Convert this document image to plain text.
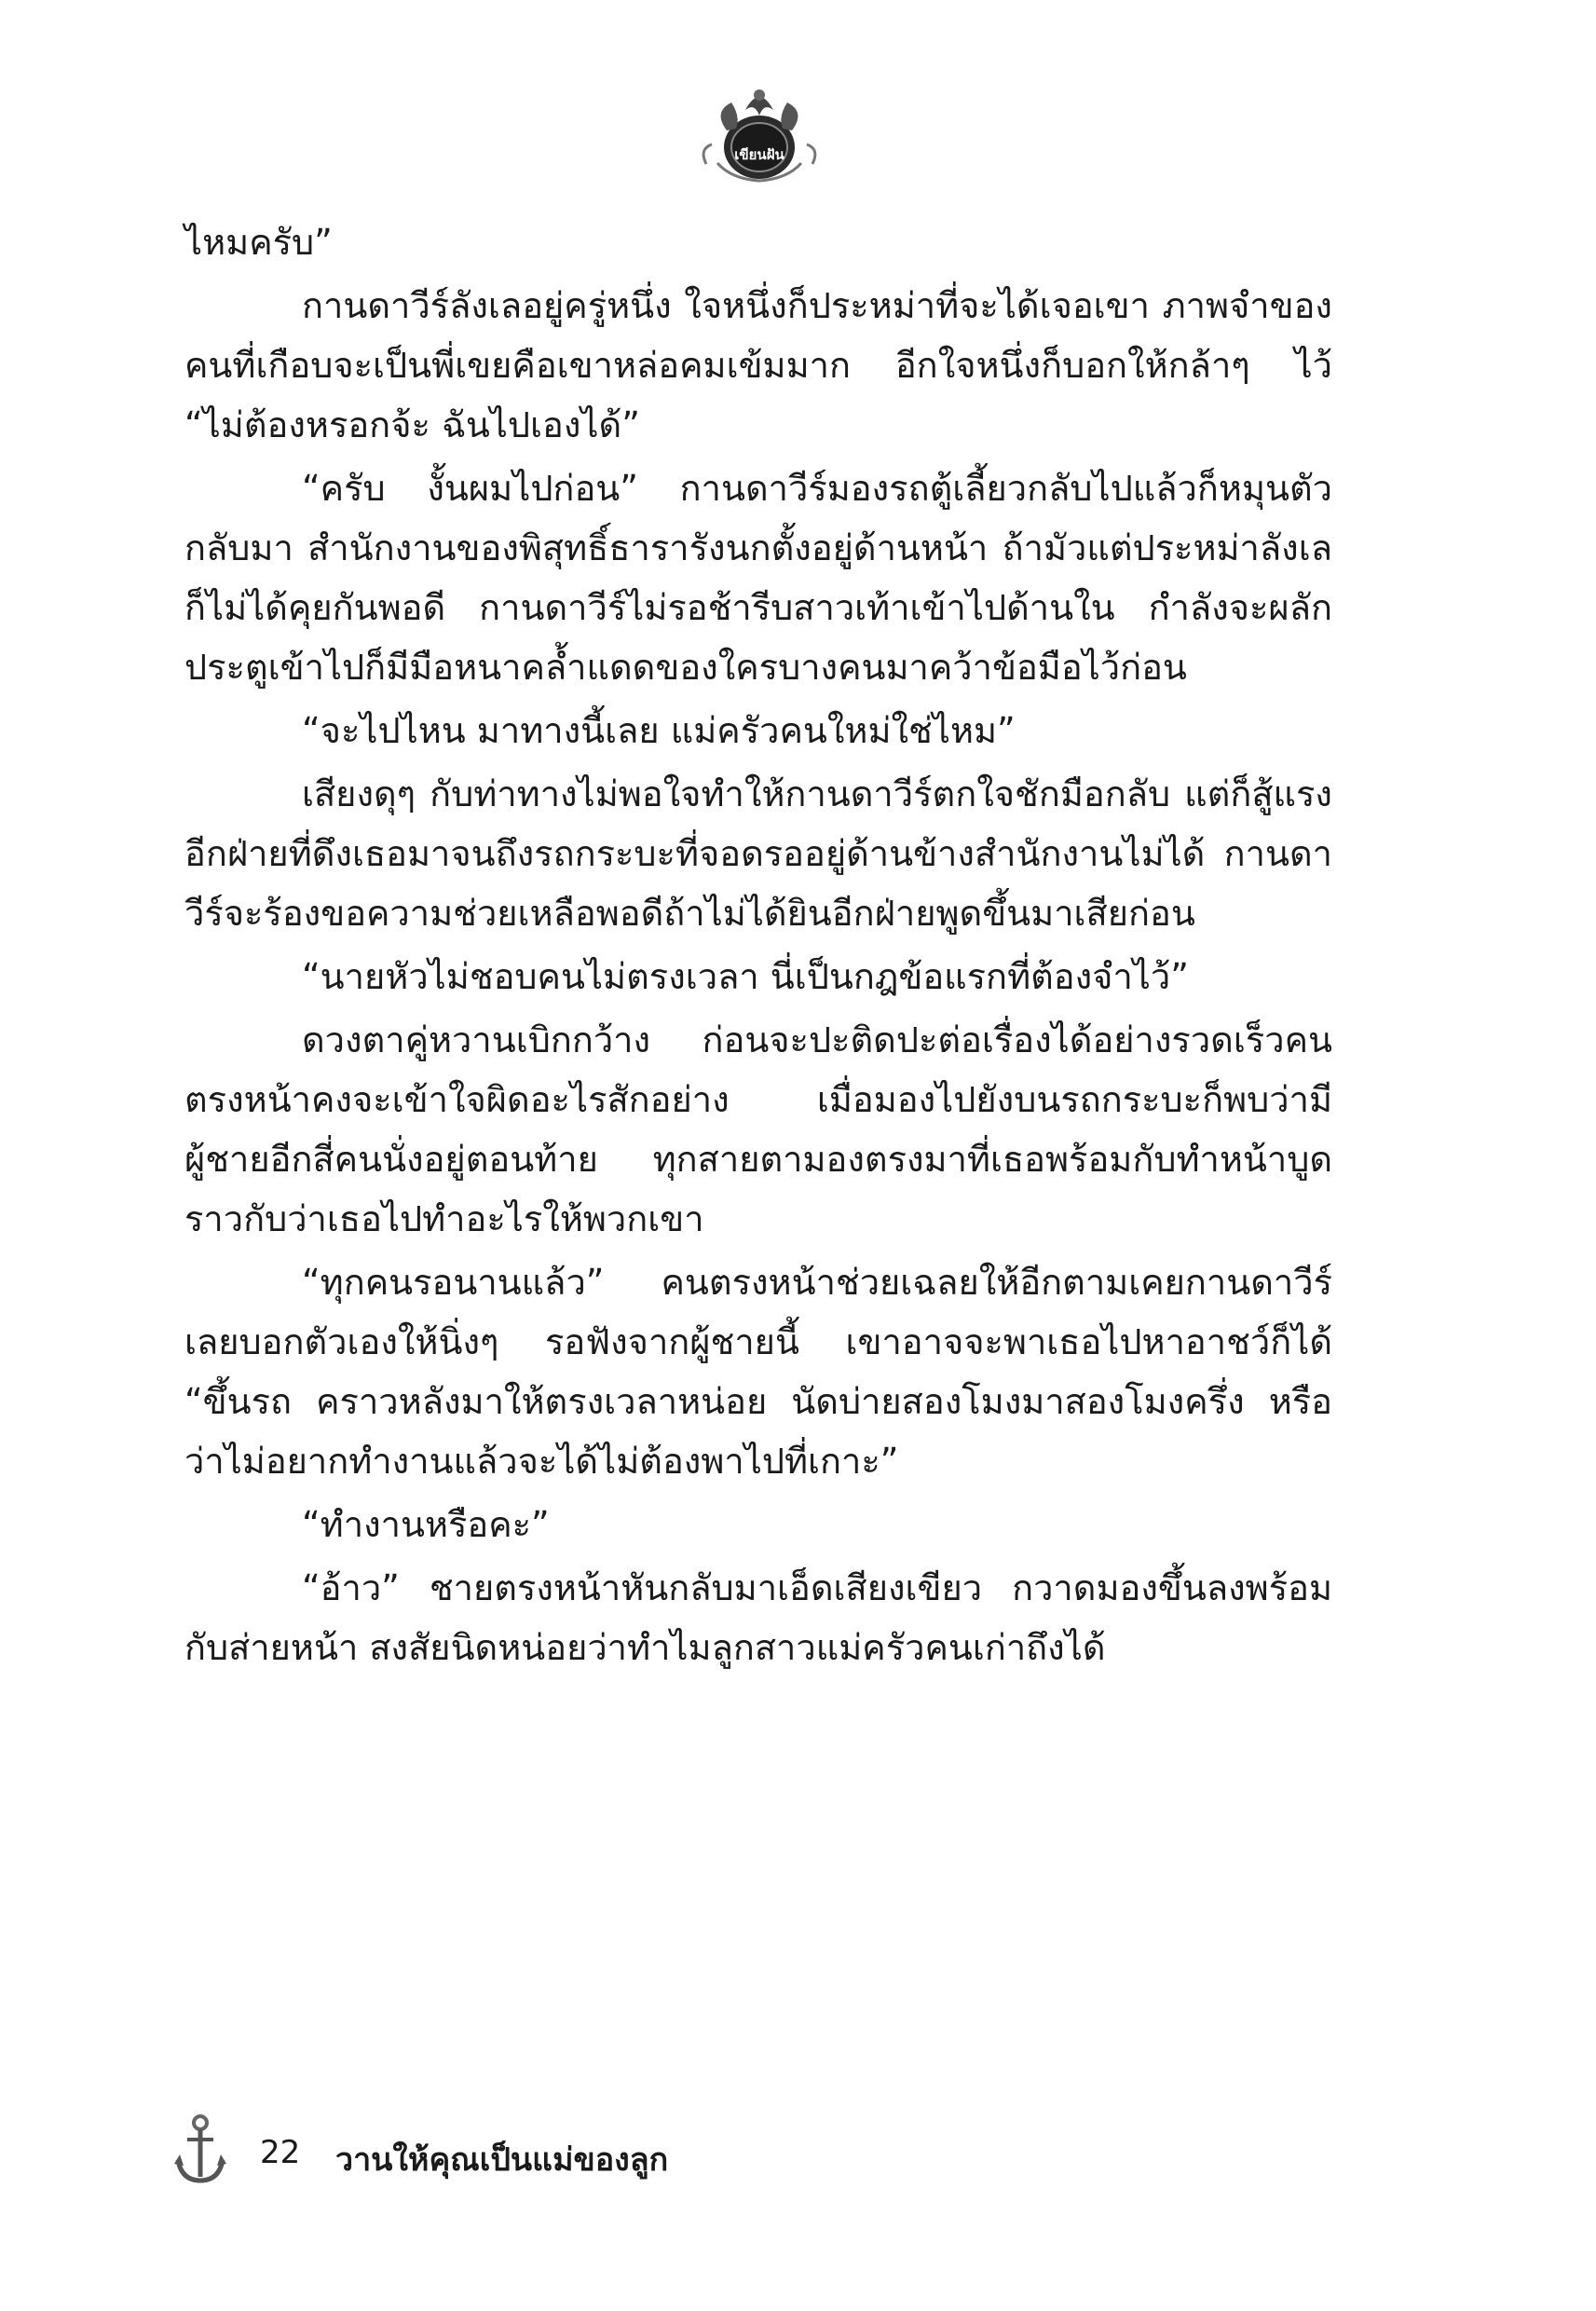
เขียนฝัน

ไหมครับ”

กานดาวีร์ลังเลอยู่ครู่หนึ่ง ใจหนึ่งก็ประหม่าที่จะได้เจอเขา ภาพจำของคนที่เกือบจะเป็นพี่เขยคือเขาหล่อคมเข้มมาก อีกใจหนึ่งก็บอกให้กล้าๆ ไว้ “ไม่ต้องหรอกจ้ะ ฉันไปเองได้”

“ครับ งั้นผมไปก่อน” กานดาวีร์มองรถตู้เลี้ยวกลับไปแล้วก็หมุนตัวกลับมา สำนักงานของพิสุทธิ์ธารารังนกตั้งอยู่ด้านหน้า ถ้ามัวแต่ประหม่าลังเลก็ไม่ได้คุยกันพอดี กานดาวีร์ไม่รอช้ารีบสาวเท้าเข้าไปด้านใน กำลังจะผลักประตูเข้าไปก็มีมือหนาคล้ำแดดของใครบางคนมาคว้าข้อมือไว้ก่อน

“จะไปไหน มาทางนี้เลย แม่ครัวคนใหม่ใช่ไหม”

เสียงดุๆ กับท่าทางไม่พอใจทำให้กานดาวีร์ตกใจชักมือกลับ แต่ก็สู้แรงอีกฝ่ายที่ดึงเธอมาจนถึงรถกระบะที่จอดรออยู่ด้านข้างสำนักงานไม่ได้ กานดาวีร์จะร้องขอความช่วยเหลือพอดีถ้าไม่ได้ยินอีกฝ่ายพูดขึ้นมาเสียก่อน

“นายหัวไม่ชอบคนไม่ตรงเวลา นี่เป็นกฎข้อแรกที่ต้องจำไว้”

ดวงตาคู่หวานเบิกกว้าง ก่อนจะปะติดปะต่อเรื่องได้อย่างรวดเร็วคนตรงหน้าคงจะเข้าใจผิดอะไรสักอย่าง เมื่อมองไปยังบนรถกระบะก็พบว่ามีผู้ชายอีกสี่คนนั่งอยู่ตอนท้าย ทุกสายตามองตรงมาที่เธอพร้อมกับทำหน้าบูด ราวกับว่าเธอไปทำอะไรให้พวกเขา

“ทุกคนรอนานแล้ว” คนตรงหน้าช่วยเฉลยให้อีกตามเคยกานดาวีร์เลยบอกตัวเองให้นิ่งๆ รอฟังจากผู้ชายนี้ เขาอาจจะพาเธอไปหาอาชว์ก็ได้ “ขึ้นรถ คราวหลังมาให้ตรงเวลาหน่อย นัดบ่ายสองโมงมาสองโมงครึ่ง หรือว่าไม่อยากทำงานแล้วจะได้ไม่ต้องพาไปที่เกาะ”

“ทำงานหรือคะ”

“อ้าว” ชายตรงหน้าหันกลับมาเอ็ดเสียงเขียว กวาดมองขึ้นลงพร้อมกับส่ายหน้า สงสัยนิดหน่อยว่าทำไมลูกสาวแม่ครัวคนเก่าถึงได้

22 วานให้คุณเป็นแม่ของลูก
